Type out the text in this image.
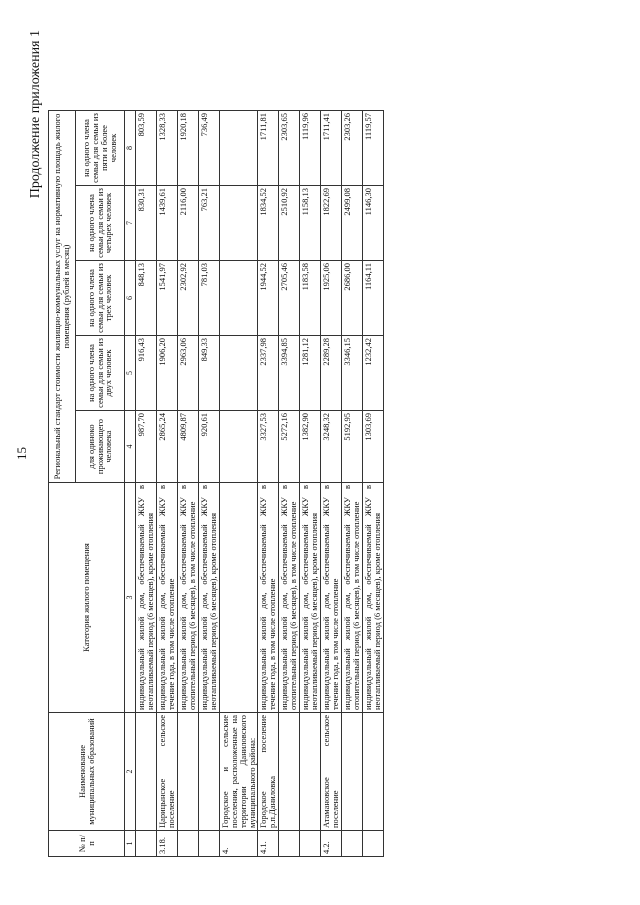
15
Продолжение приложения 1
№ п/п	Наименование муниципальных образований	Категория жилого помещения	Региональный стандарт стоимости жилищно-коммунальных услуг на нормативную площадь жилого помещения (рублей в месяц)				
			для одиноко проживающего человека	на одного члена семьи для семьи из двух человек	на одного члена семьи для семьи из трех человек	на одного члена семьи для семьи из четырех человек	на одного члена семьи для семьи из пяти и более человек
1	2	3	4	5	6	7	8
		индивидуальный жилой дом, обеспечиваемый ЖКУ в неотапливаемый период (6 месяцев), кроме отопления	987,70	916,43	848,13	830,31	803,59
3.18.	Царицынское сельское поселение	индивидуальный жилой дом, обеспечиваемый ЖКУ в течение года, в том числе отопление	2865,24	1906,20	1541,97	1439,61	1328,33
		индивидуальный жилой дом, обеспечиваемый ЖКУ в отопительный период (6 месяцев), в том числе отопление	4809,87	2963,06	2302,92	2116,00	1920,18
		индивидуальный жилой дом, обеспечиваемый ЖКУ в неотапливаемый период (6 месяцев), кроме отопления	920,61	849,33	781,03	763,21	736,49
4.	Городское и сельские поселения, расположенные на территории Даниловского муниципального района:						
4.1.	Городское поселение р.п.Даниловка	индивидуальный жилой дом, обеспечиваемый ЖКУ в течение года, в том числе отопление	3327,53	2337,98	1944,52	1834,52	1711,81
		индивидуальный жилой дом, обеспечиваемый ЖКУ в отопительный период (6 месяцев), в том числе отопление	5272,16	3394,85	2705,46	2510,92	2303,65
		индивидуальный жилой дом, обеспечиваемый ЖКУ в неотапливаемый период (6 месяцев), кроме отопления	1382,90	1281,12	1183,58	1158,13	1119,96
4.2.	Атамановское сельское поселение	индивидуальный жилой дом, обеспечиваемый ЖКУ в течение года, в том числе отопление	3248,32	2289,28	1925,06	1822,69	1711,41
		индивидуальный жилой дом, обеспечиваемый ЖКУ в отопительный период (6 месяцев), в том числе отопление	5192,95	3346,15	2686,00	2499,08	2303,26
		индивидуальный жилой дом, обеспечиваемый ЖКУ в неотапливаемый период (6 месяцев), кроме отопления	1303,69	1232,42	1164,11	1146,30	1119,57
